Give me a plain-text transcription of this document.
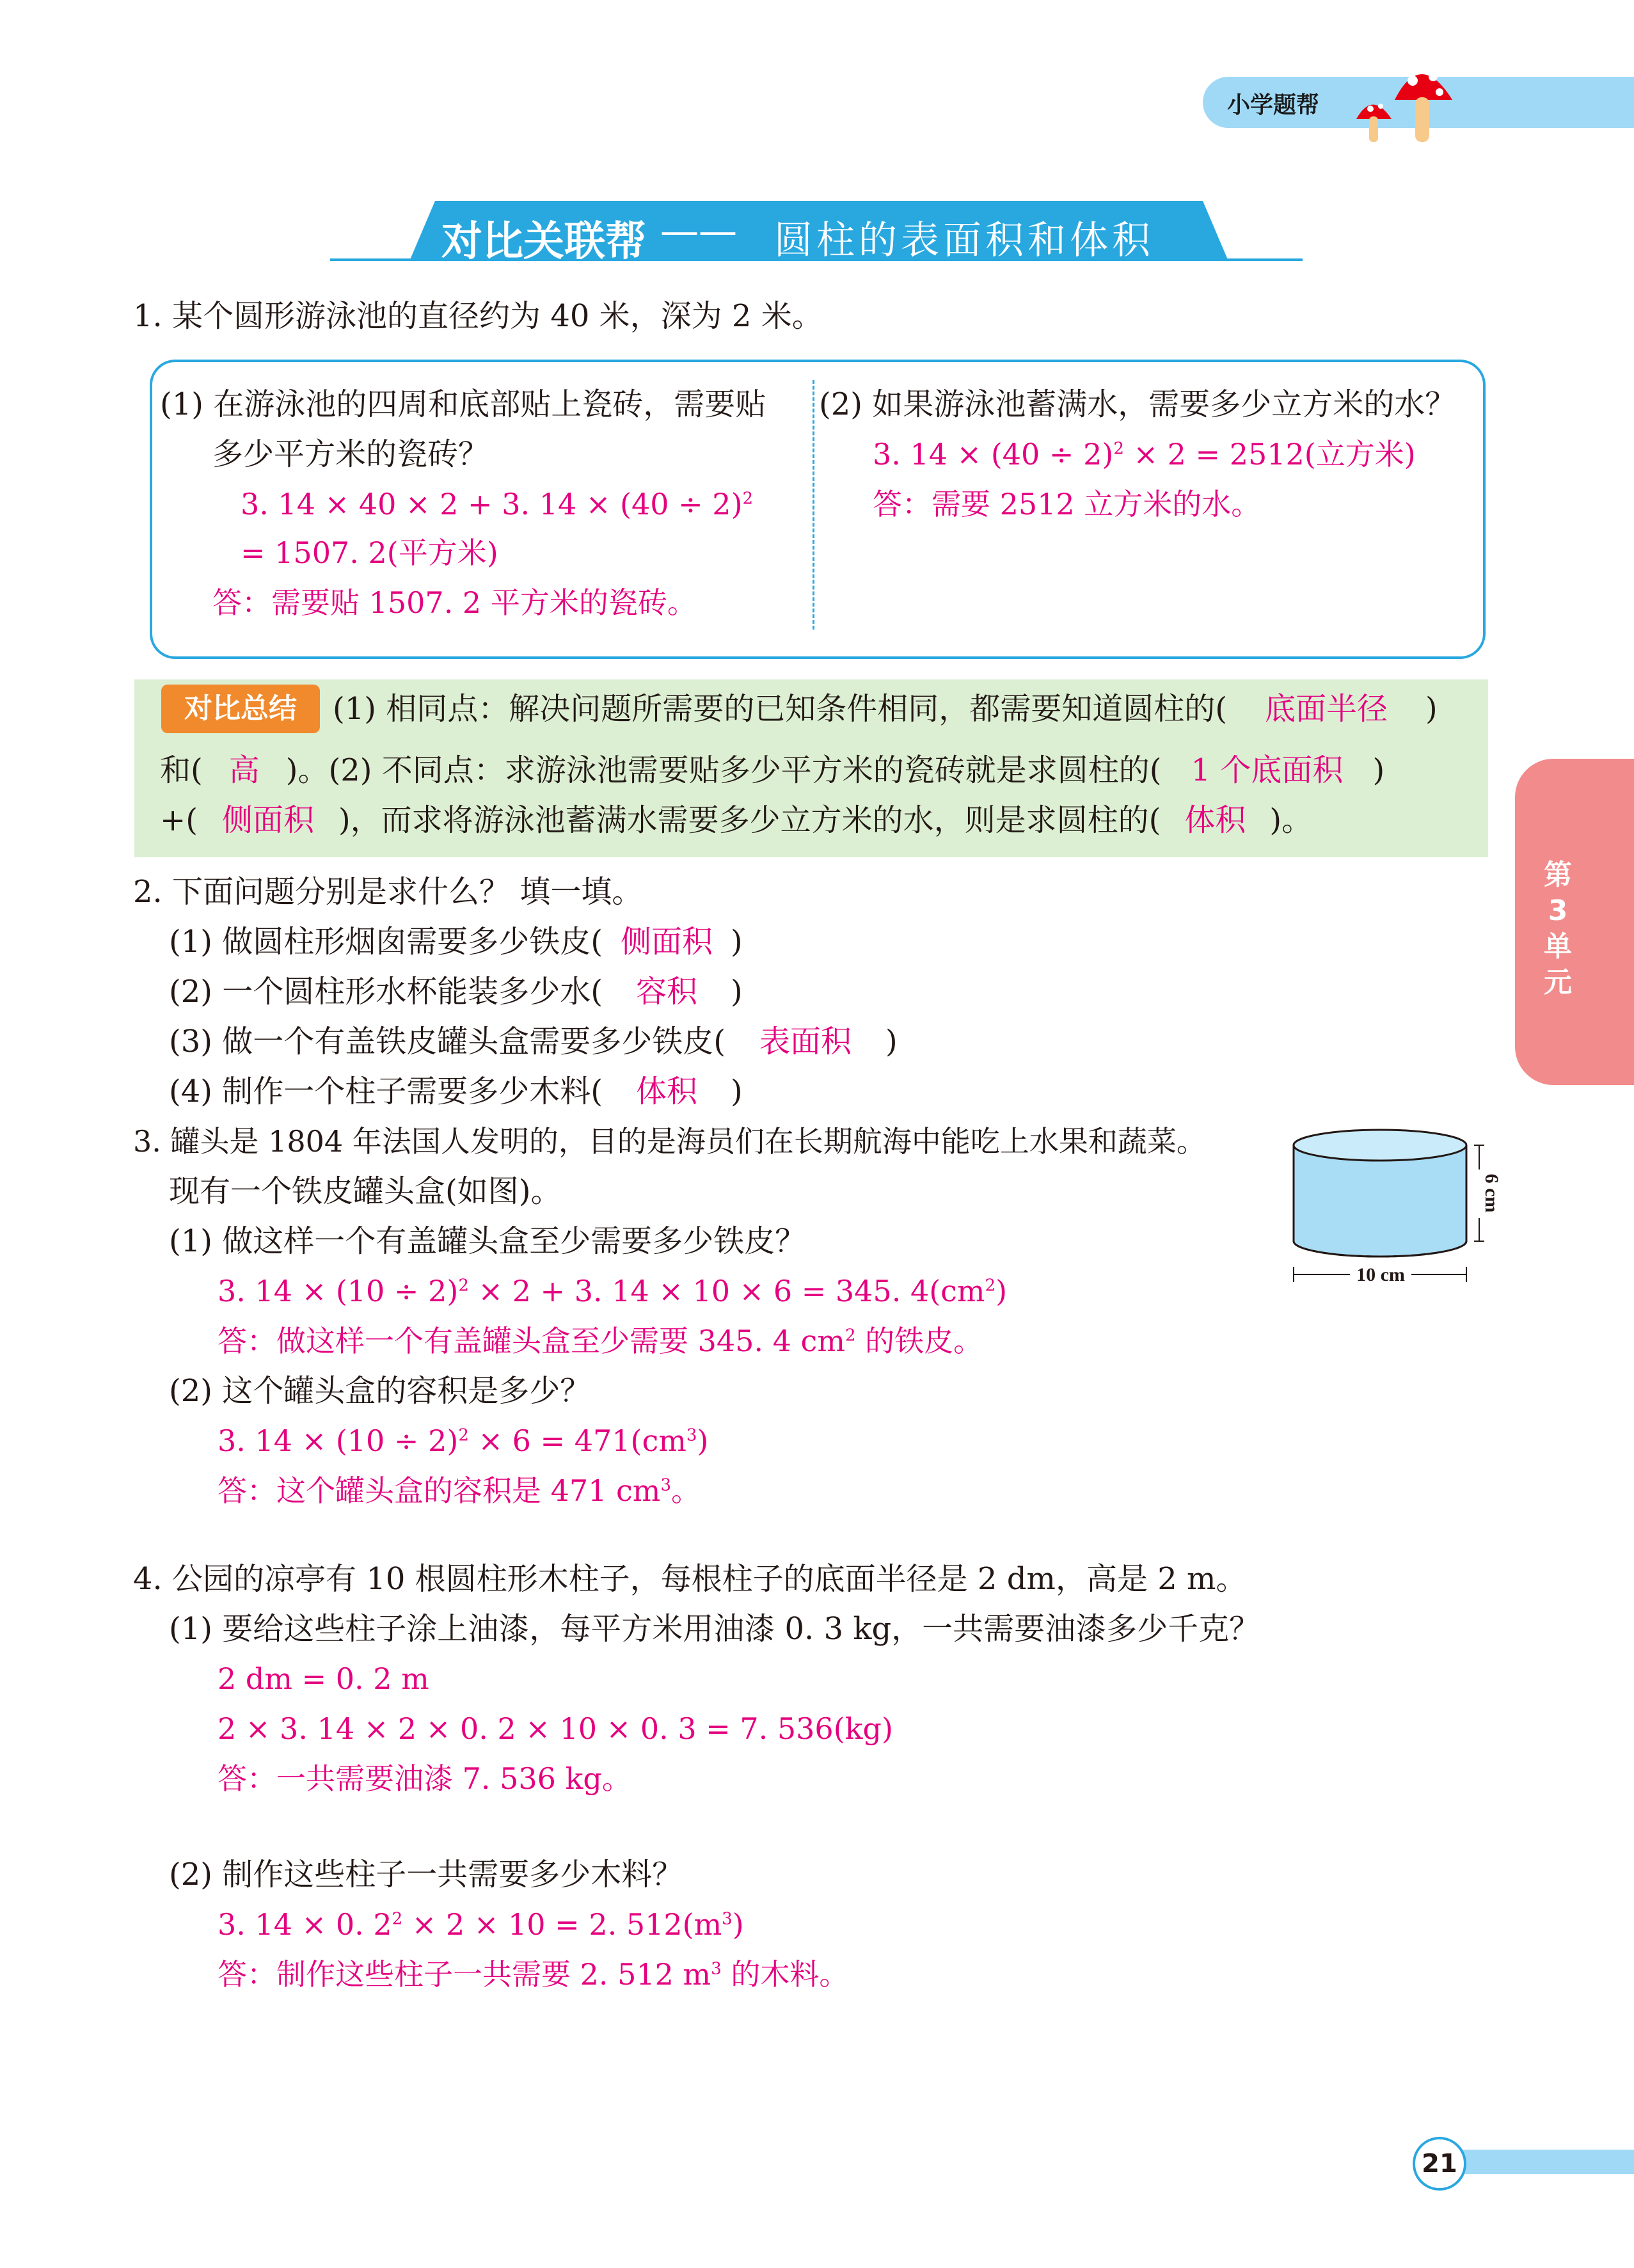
小学题帮
对比关联帮 —— 圆柱的表面积和体积
1. 某个圆形游泳池的直径约为 40 米，深为 2 米。
(1) 在游泳池的四周和底部贴上瓷砖，需要贴
多少平方米的瓷砖？
3. 14 × 40 × 2 + 3. $14 \times (40 \div 2)^2$
= 1507. 2(平方米)
答：需要贴 1507. 2 平方米的瓷砖。
(2) 如果游泳池蓄满水，需要多少立方米的水？
3. $14 \times (40 \div 2)^2 \times 2 = 2512$(立方米)
答：需要 2512 立方米的水。
对比总结	(1) 相同点：解决问题所需要的已知条件相同，都需要知道圆柱的( 底面半径 )
和( 高 )。(2) 不同点：求游泳池需要贴多少平方米的瓷砖就是求圆柱的( 1 个底面积 )
+( 侧面积 )，而求将游泳池蓄满水需要多少立方米的水，则是求圆柱的( 体积 )。
第3单元
2. 下面问题分别是求什么？ 填一填。
(1) 做圆柱形烟囱需要多少铁皮( 侧面积 )
(2) 一个圆柱形水杯能装多少水( 容积 )
(3) 做一个有盖铁皮罐头盒需要多少铁皮( 表面积 )
(4) 制作一个柱子需要多少木料( 体积 )
3. 罐头是 1804 年法国人发明的，目的是海员们在长期航海中能吃上水果和蔬菜。
现有一个铁皮罐头盒(如图)。
10 cm
6 cm
(1) 做这样一个有盖罐头盒至少需要多少铁皮？
3. $14 \times (10 \div 2)^2 \times 2 + 3$. 14 × 10 × 6 = 345. $4(cm^2)$
答：做这样一个有盖罐头盒至少需要 345. 4 $cm^2$ 的铁皮。
(2) 这个罐头盒的容积是多少？
3. $14 \times (10 \div 2)^2 \times 6 = 471(cm^3)$
答：这个罐头盒的容积是 471 $cm^3$。
4. 公园的凉亭有 10 根圆柱形木柱子，每根柱子的底面半径是 2 dm，高是 2 m。
(1) 要给这些柱子涂上油漆，每平方米用油漆 0. 3 kg，一共需要油漆多少千克？
2 dm = 0. 2 m
2 × 3. 14 × 2 × 0. 2 × 10 × 0. 3 = 7. 536(kg)
答：一共需要油漆 7. 536 kg。
(2) 制作这些柱子一共需要多少木料？
3. 14 × 0. $2^2 \times 2 \times 10 = 2$. $512(m^3)$
答：制作这些柱子一共需要 2. 512 $m^3$ 的木料。
21
